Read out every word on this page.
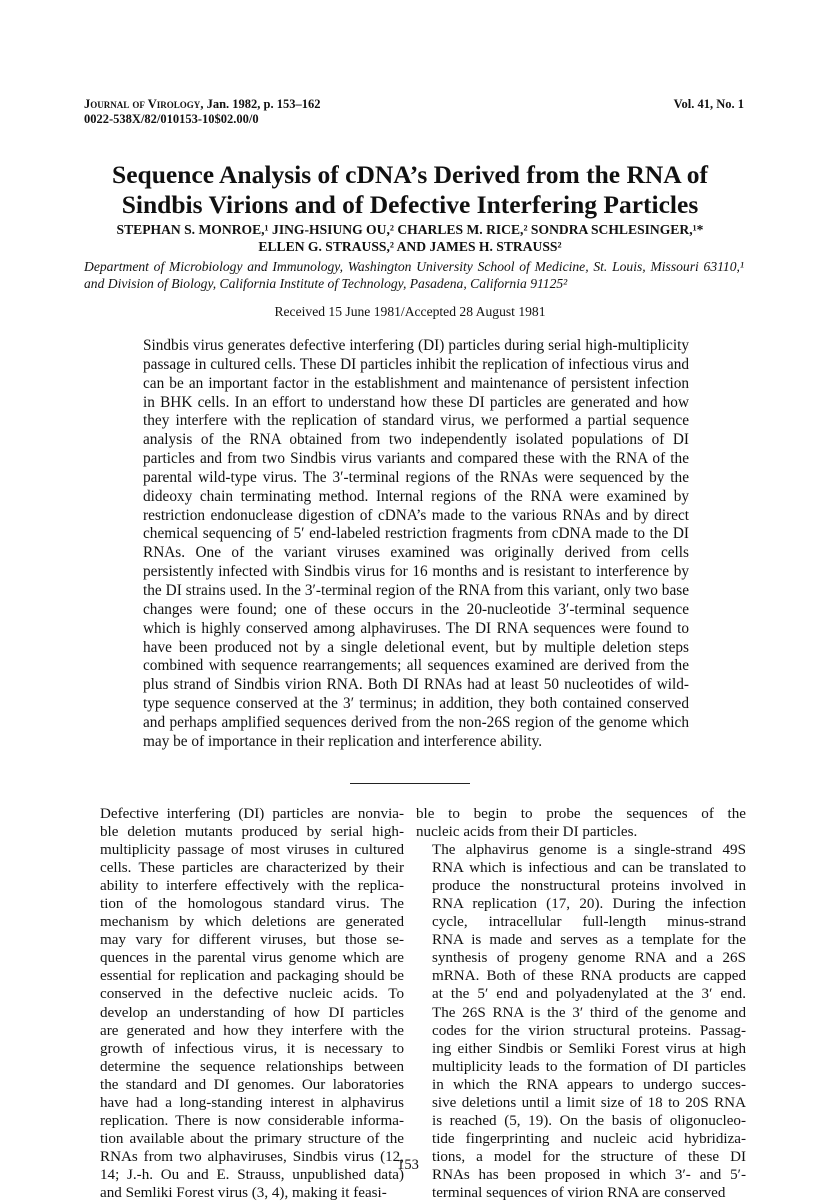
Journal of Virology, Jan. 1982, p. 153–162
0022-538X/82/010153-10$02.00/0
Vol. 41, No. 1
Sequence Analysis of cDNA’s Derived from the RNA of
Sindbis Virions and of Defective Interfering Particles
STEPHAN S. MONROE,¹ JING-HSIUNG OU,² CHARLES M. RICE,² SONDRA SCHLESINGER,¹*
ELLEN G. STRAUSS,² AND JAMES H. STRAUSS²
Department of Microbiology and Immunology, Washington University School of Medicine, St. Louis, Missouri 63110,¹ and Division of Biology, California Institute of Technology, Pasadena, California 91125²
Received 15 June 1981/Accepted 28 August 1981
Sindbis virus generates defective interfering (DI) particles during serial high-multiplicity passage in cultured cells. These DI particles inhibit the replication of infectious virus and can be an important factor in the establishment and maintenance of persistent infection in BHK cells. In an effort to understand how these DI particles are generated and how they interfere with the replication of standard virus, we performed a partial sequence analysis of the RNA obtained from two independently isolated populations of DI particles and from two Sindbis virus variants and compared these with the RNA of the parental wild-type virus. The 3′-terminal regions of the RNAs were sequenced by the dideoxy chain terminating method. Internal regions of the RNA were examined by restriction endonuclease digestion of cDNA’s made to the various RNAs and by direct chemical sequencing of 5′ end-labeled restriction fragments from cDNA made to the DI RNAs. One of the variant viruses examined was originally derived from cells persistently infected with Sindbis virus for 16 months and is resistant to interference by the DI strains used. In the 3′-terminal region of the RNA from this variant, only two base changes were found; one of these occurs in the 20-nucleotide 3′-terminal sequence which is highly conserved among alphaviruses. The DI RNA sequences were found to have been produced not by a single deletional event, but by multiple deletion steps combined with sequence rearrangements; all sequences examined are derived from the plus strand of Sindbis virion RNA. Both DI RNAs had at least 50 nucleotides of wild-type sequence conserved at the 3′ terminus; in addition, they both contained conserved and perhaps amplified sequences derived from the non-26S region of the genome which may be of importance in their replication and interference ability.

Defective interfering (DI) particles are nonvia-
ble deletion mutants produced by serial high-
multiplicity passage of most viruses in cultured
cells. These particles are characterized by their
ability to interfere effectively with the replica-
tion of the homologous standard virus. The
mechanism by which deletions are generated
may vary for different viruses, but those se-
quences in the parental virus genome which are
essential for replication and packaging should be
conserved in the defective nucleic acids. To
develop an understanding of how DI particles
are generated and how they interfere with the
growth of infectious virus, it is necessary to
determine the sequence relationships between
the standard and DI genomes. Our laboratories
have had a long-standing interest in alphavirus
replication. There is now considerable informa-
tion available about the primary structure of the
RNAs from two alphaviruses, Sindbis virus (12,
14; J.-h. Ou and E. Strauss, unpublished data)
and Semliki Forest virus (3, 4), making it feasi-

ble to begin to probe the sequences of the
nucleic acids from their DI particles.

The alphavirus genome is a single-strand 49S
RNA which is infectious and can be translated to
produce the nonstructural proteins involved in
RNA replication (17, 20). During the infection
cycle, intracellular full-length minus-strand
RNA is made and serves as a template for the
synthesis of progeny genome RNA and a 26S
mRNA. Both of these RNA products are capped
at the 5′ end and polyadenylated at the 3′ end.
The 26S RNA is the 3′ third of the genome and
codes for the virion structural proteins. Passag-
ing either Sindbis or Semliki Forest virus at high
multiplicity leads to the formation of DI particles
in which the RNA appears to undergo succes-
sive deletions until a limit size of 18 to 20S RNA
is reached (5, 19). On the basis of oligonucleo-
tide fingerprinting and nucleic acid hybridiza-
tions, a model for the structure of these DI
RNAs has been proposed in which 3′- and 5′-
terminal sequences of virion RNA are conserved

153
